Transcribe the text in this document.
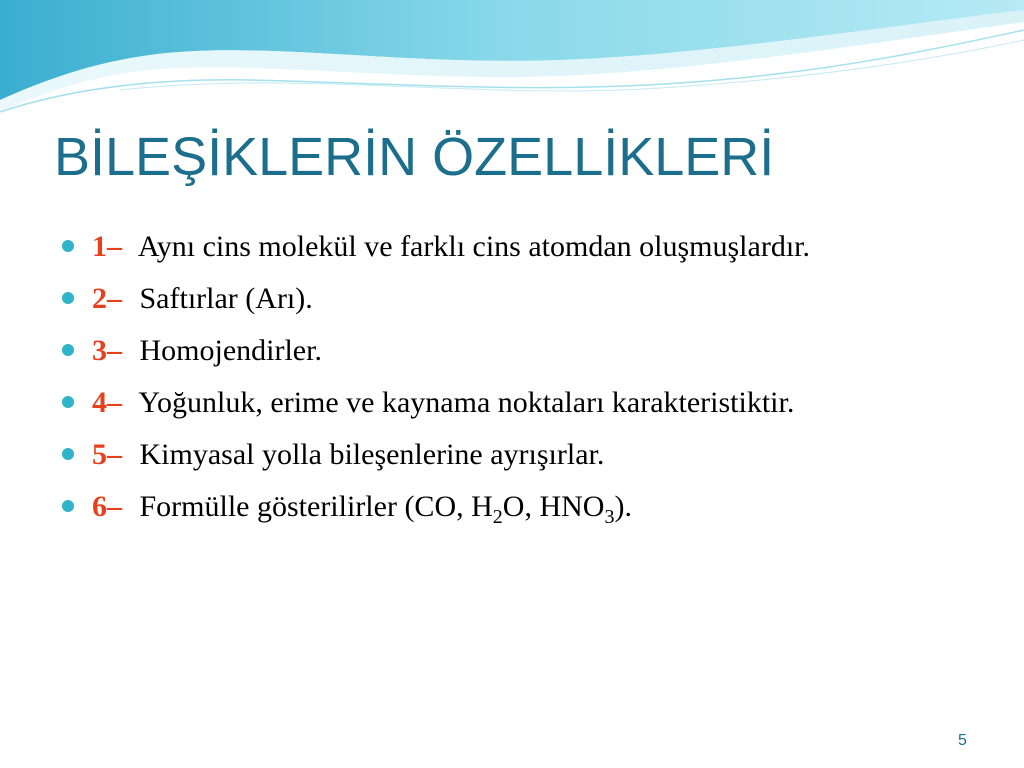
BİLEŞİKLERİN ÖZELLİKLERİ
1– Aynı cins molekül ve farklı cins atomdan oluşmuşlardır.
2– Saftırlar (Arı).
3– Homojendirler.
4– Yoğunluk, erime ve kaynama noktaları karakteristiktir.
5– Kimyasal yolla bileşenlerine ayrışırlar.
6– Formülle gösterilirler (CO, $H_2O$, $HNO_3$).
5
